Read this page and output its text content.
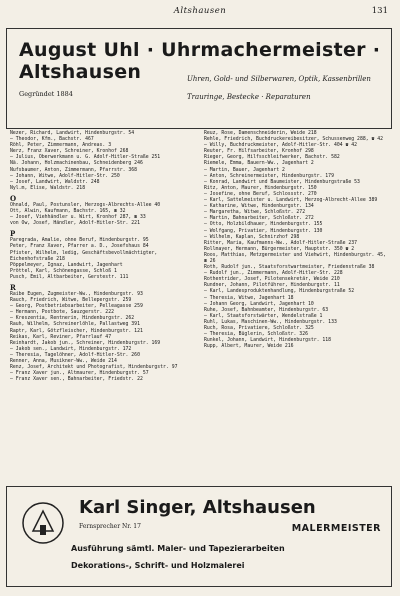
Altshausen	131
August Uhl · Uhrmachermeister · Altshausen
Gegründet 1884
Uhren, Gold- und Silberwaren, Optik, Kassenbrillen
Trauringe, Bestecke · Reparaturen

Nezer, Richard, Landwirt, Hindenburgstr. 54

— Theodor, Kfm., Bachstr. 467

Röhl, Peter, Zimmermann, Andreas. 3

Nerz, Franz Xaver, Schreiner, Kronhof 268

— Julius, Oberwerkmann u. G. Adolf-Hitler-Straße 251

Nä. Johann, Holzmachinenbau, Schneidenberg 246

Nufsbaumer, Anton, Zimmermann, Pfarrstr. 368

— Johann, Witwe, Adolf-Hitler-Str. 250

— Josef, Landwirt, Waldstr. 248

Nyl.m, Elise, Waldstr. 218

O

Ohnald, Paul, Postunsler, Herzogs-Albrechts-Allee 40

Ott, Alwin, Kaufmann, Bachstr. 165, ☎ 32

— Josef, Viehhändler u. Wirt, Kronhof 287, ☎ 33

von Ow, Josef, Händler, Adolf-Hitler-Str. 221

P

Paregrada, Amalie, ohne Beruf, Hindenburgstr. 95

Peter, Franz Xaver, Pfarrer a. D., Josefshaus 84

Pfister, Wilhelm, ledig, Geschäftsbevollmächtigter, Eichenhofstraße 218

Pöppelmeyer, Ignaz, Landwirt, Jagenhart

Pröttel, Karl, Schönengasse, Schloß 1

Pusch, Emil, Altbarbeiter, Gerstestr. 111

R

Raibe Eugen, Zugmeister-Ww., Hindenburgstr. 93

Rauch, Friedrich, Witwe, Bellepergstr. 259

— Georg, Postbetriebsarbeiter, Pelleagasse 259

— Hermann, Postbote, Sauzgerstr. 222

— Kreszentia, Rentnerin, Hindenburgstr. 262

Rauh, Wilhelm, Schreinerlöhle, Pallastweg 391

Raptr, Karl, Götzfleischer, Hindenburgstr. 121

Reikas, Karl, Reviner, Pfarrlauf 47

Reinhardt, Jakob jun., Schreiner, Hindenburgstr. 169

— Jakob sen., Landwirt, Hindenburgstr. 172

— Theresia, Tagelöhner, Adolf-Hitler-Str. 260

Renner, Anna, Musikner-Ww., Weide 214

Renz, Josef, Architekt und Photografist, Hindenburgstr. 97

— Franz Xaver jun., Altmaurer, Hindenburgstr. 57

— Franz Xaver sen., Bahnarbeiter, Friedstr. 22

Reuz, Rose, Damenschneiderin, Weide 218

Rehle, Friedrich, Buchdruckereibesitzer, Schussenweg 288, ☎ 42

— Willy, Buchdruckmeister, Adolf-Hitler-Str. 404 ☎ 42

Reuter, Fr. Hilfsarbeiter, Kronhof 298

Rieger, Georg, Hilfsschleifwerker, Bachstr. 582

Riemele, Emma, Bauern-Ww., Jagenhart 2

— Martin, Bauer, Jagenhart 2

— Anton, Schreinermeister, Hindenburgstr. 179

— Konrad, Landwirt und Baumeister, Hindenburgstraße 53

Ritz, Anton, Maurer, Hindenburgstr. 150

— Josefine, ohne Beruf, Schlossstr. 270

— Karl, Sattelmeister u. Landwirt, Herzog-Albrecht-Allee 389

— Katharine, Witwe, Hindenburgstr. 134

— Margaretha, Witwe, Schloßstr. 272

— Martin, Bahnarbeiter, Schloßstr. 272

— Otto, Holzbildhauer, Hindenburgstr. 155

— Wolfgang, Privatier, Hindenburgstr. 130

— Wilhelm, Kaplan, Schnirzhof 298

Ritter, Maria, Kaufmanns-Ww., Adolf-Hitler-Straße 237

Rollmayer, Hermann, Bürgermeister, Hauptstr. 350 ☎ 2

Roos, Matthias, Metzgermeister und Viehwirt, Hindenburgstr. 45, ☎ 26

Roth, Rudolf jun., Staatsforstwartmeister, Friedenstraße 38

— Rudolf jun., Zimmermann, Adolf-Hitler-Str. 228

Rothentrider, Josef, Pilotensekretär, Weide 210

Rundner, Johann, Pilotführer, Hindenburgstr. 11

— Karl, Landesproduktenhandlung, Hindenburgstraße 52

— Theresia, Witwe, Jagenhart 18

— Johann Georg, Landwirt, Jagenhart 10

Ruhe, Josef, Bahnbeamter, Hindenburgstr. 63

— Karl, Staatsforstwärter, Wendelstraße 1

Ruhl, Lukas, Maschinen-Ww., Hindenburgstr. 133

Ruch, Rosa, Privatiere, Schloßstr. 325

— Theresia, Büglerin, Schloßstr. 326

Runkel, Johann, Landwirt, Hindenburgstr. 118

Rupp, Albert, Maurer, Weide 216

Karl Singer, Altshausen
Fernsprecher Nr. 17	MALERMEISTER
Ausführung sämtl. Maler- und Tapezierarbeiten
Dekorations-, Schrift- und Holzmalerei
